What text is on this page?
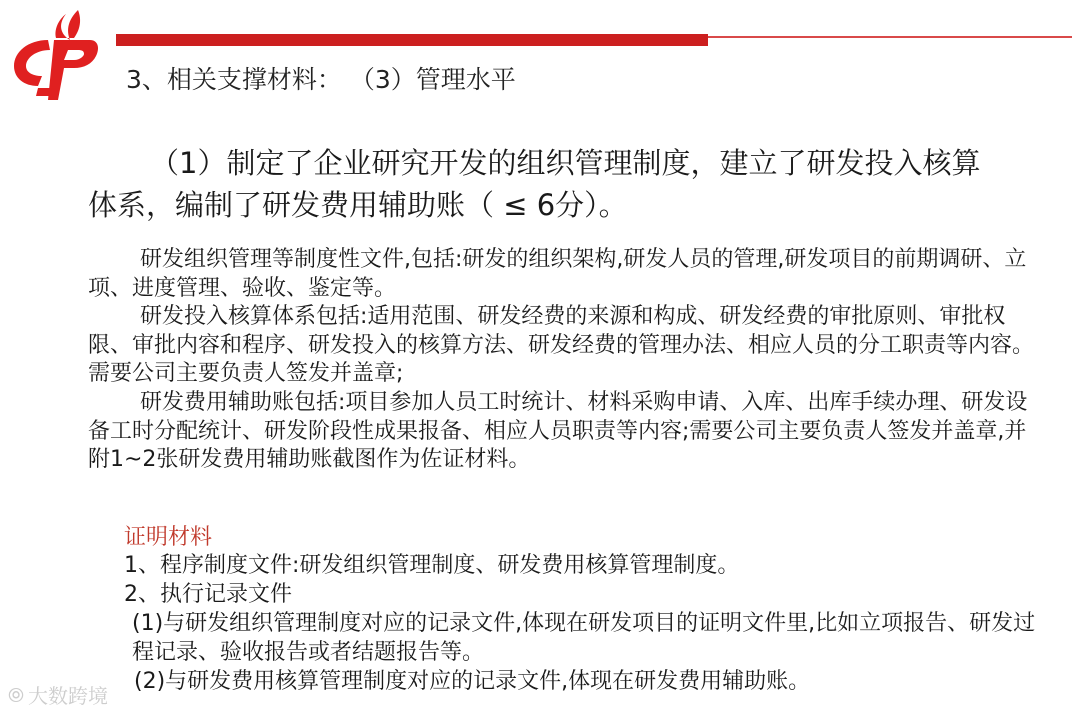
3、相关支撑材料： （3）管理水平
（1）制定了企业研究开发的组织管理制度，建立了研发投入核算体系，编制了研发费用辅助账（ ≤ 6分）。

研发组织管理等制度性文件,包括:研发的组织架构,研发人员的管理,研发项目的前期调研、立项、进度管理、验收、鉴定等。

研发投入核算体系包括:适用范围、研发经费的来源和构成、研发经费的审批原则、审批权限、审批内容和程序、研发投入的核算方法、研发经费的管理办法、相应人员的分工职责等内容。需要公司主要负责人签发并盖章;

研发费用辅助账包括:项目参加人员工时统计、材料采购申请、入库、出库手续办理、研发设备工时分配统计、研发阶段性成果报备、相应人员职责等内容;需要公司主要负责人签发并盖章,并附1~2张研发费用辅助账截图作为佐证材料。

证明材料
1、程序制度文件:研发组织管理制度、研发费用核算管理制度。
2、执行记录文件
(1)与研发组织管理制度对应的记录文件,体现在研发项目的证明文件里,比如立项报告、研发过程记录、验收报告或者结题报告等。
(2)与研发费用核算管理制度对应的记录文件,体现在研发费用辅助账。
⦾ 大数跨境
